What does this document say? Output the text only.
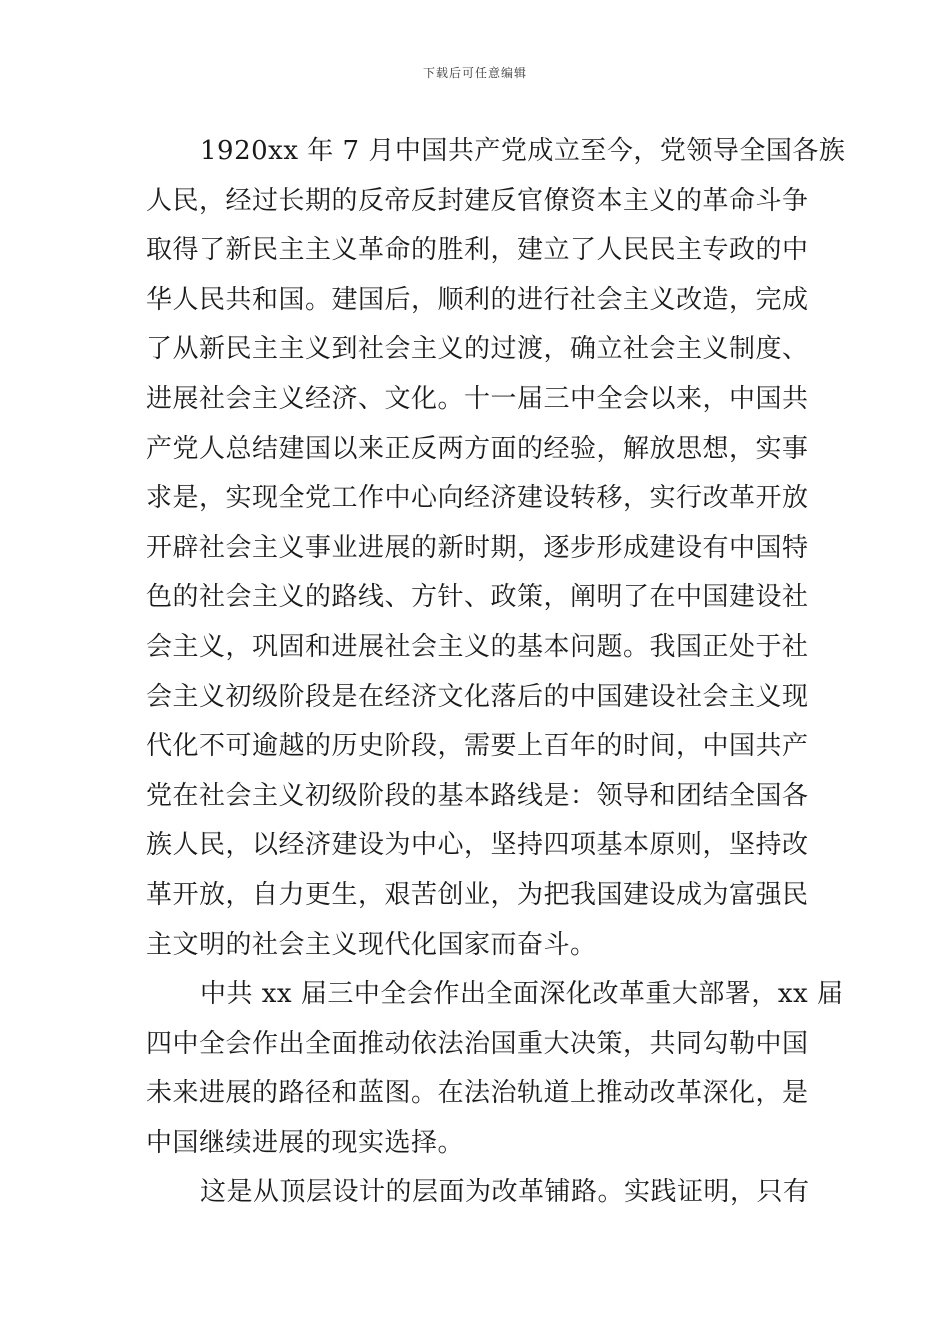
下载后可任意编辑
1920xx 年 7 月中国共产党成立至今，党领导全国各族
人民，经过长期的反帝反封建反官僚资本主义的革命斗争
取得了新民主主义革命的胜利，建立了人民民主专政的中
华人民共和国。建国后，顺利的进行社会主义改造，完成
了从新民主主义到社会主义的过渡，确立社会主义制度、
进展社会主义经济、文化。十一届三中全会以来，中国共
产党人总结建国以来正反两方面的经验，解放思想，实事
求是，实现全党工作中心向经济建设转移，实行改革开放
开辟社会主义事业进展的新时期，逐步形成建设有中国特
色的社会主义的路线、方针、政策，阐明了在中国建设社
会主义，巩固和进展社会主义的基本问题。我国正处于社
会主义初级阶段是在经济文化落后的中国建设社会主义现
代化不可逾越的历史阶段，需要上百年的时间，中国共产
党在社会主义初级阶段的基本路线是：领导和团结全国各
族人民，以经济建设为中心，坚持四项基本原则，坚持改
革开放，自力更生，艰苦创业，为把我国建设成为富强民
主文明的社会主义现代化国家而奋斗。
中共 xx 届三中全会作出全面深化改革重大部署，xx 届
四中全会作出全面推动依法治国重大决策，共同勾勒中国
未来进展的路径和蓝图。在法治轨道上推动改革深化，是
中国继续进展的现实选择。
这是从顶层设计的层面为改革铺路。实践证明，只有
